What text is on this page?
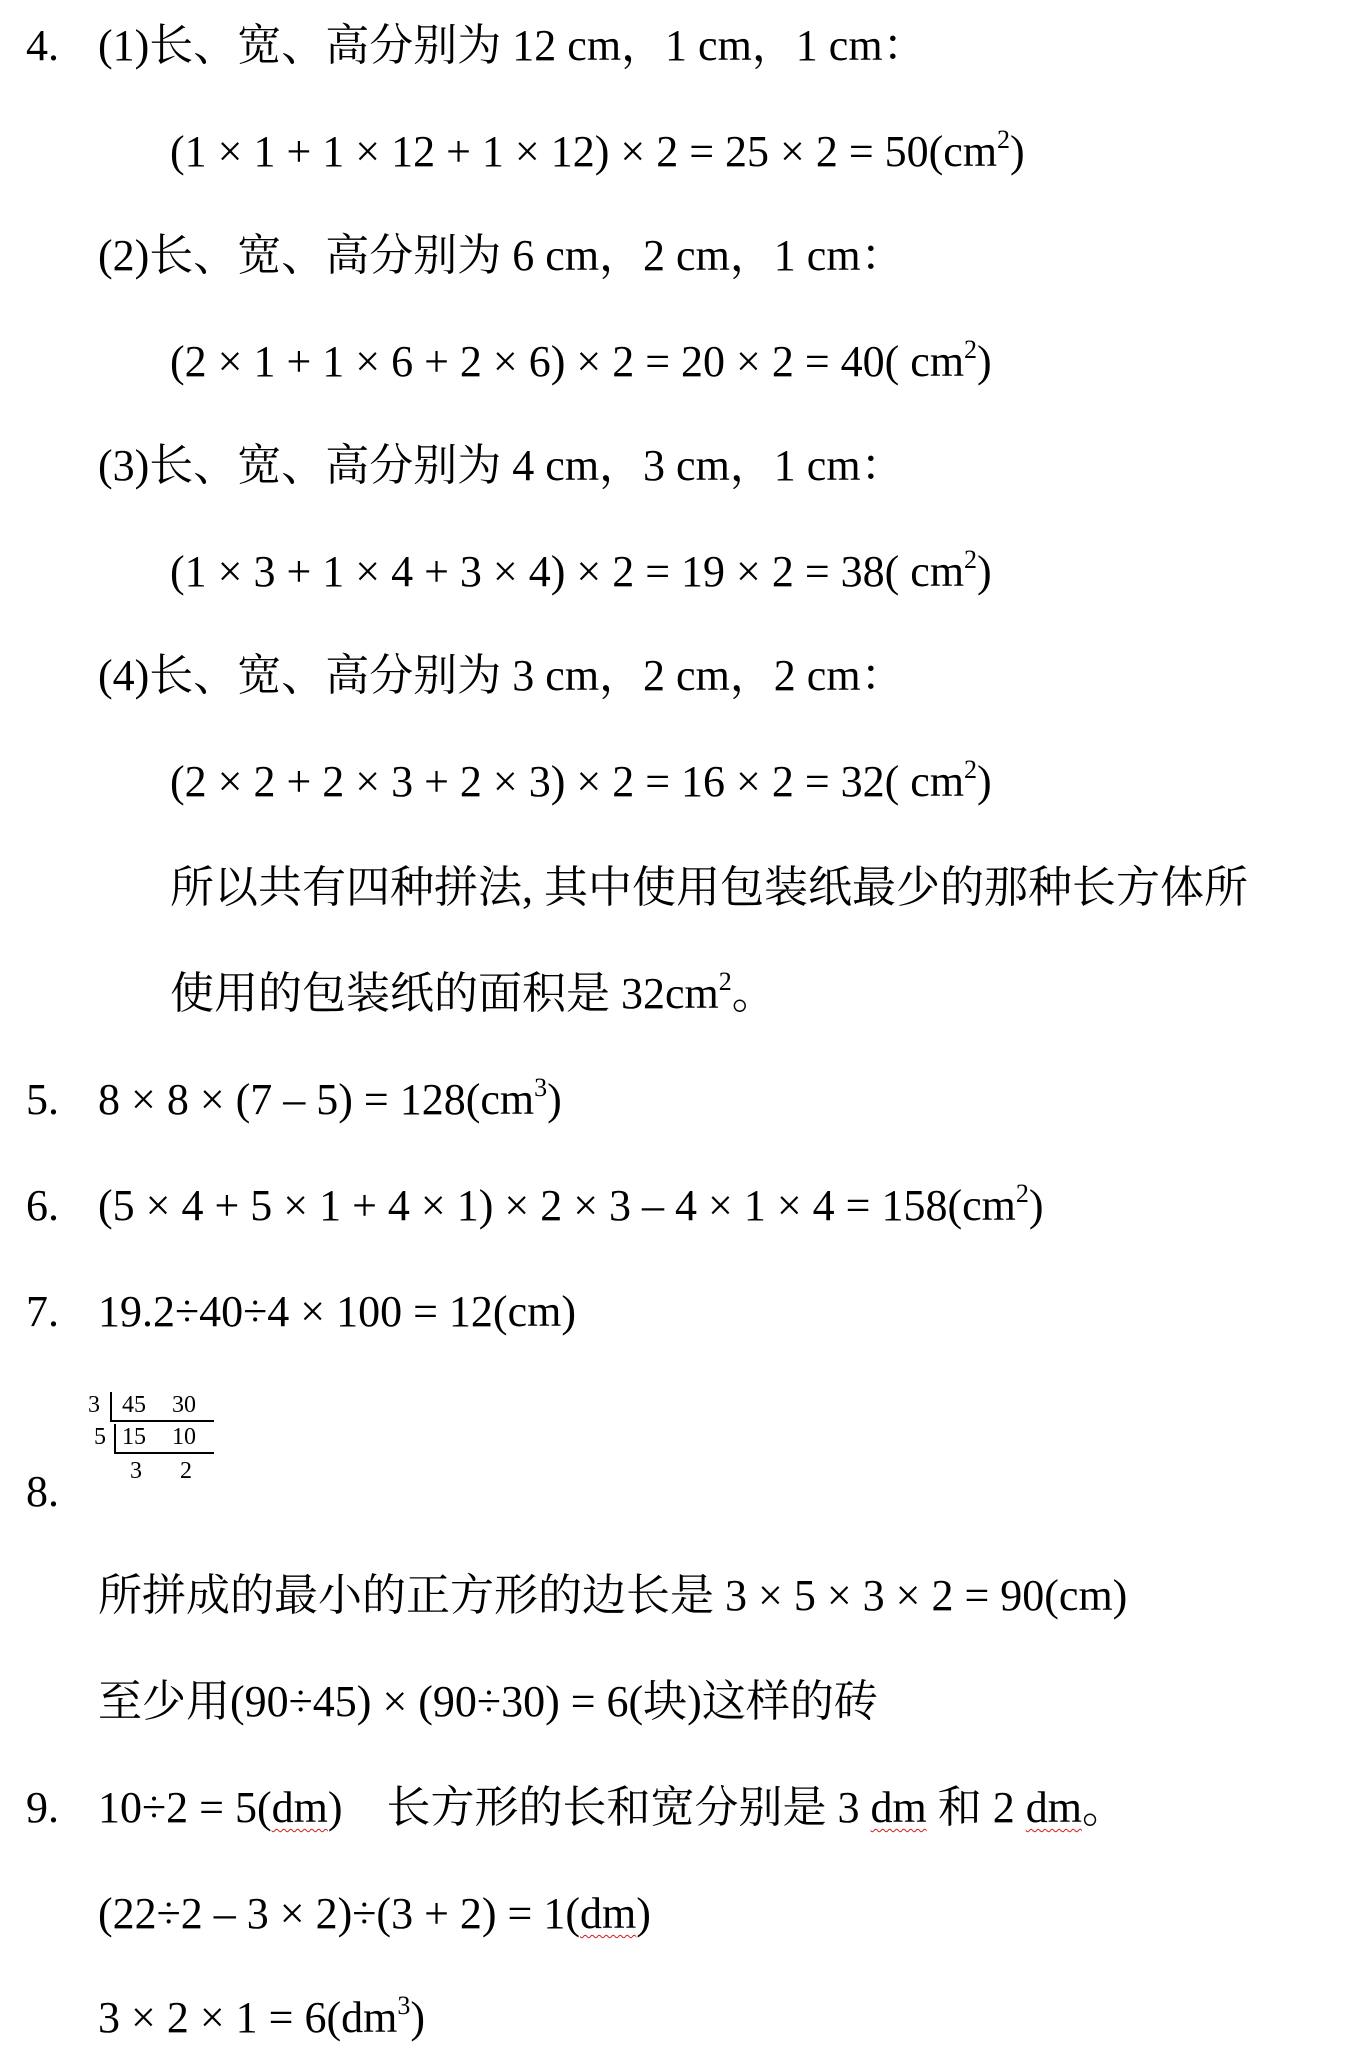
4. (1)长、宽、高分别为 12 cm，1 cm，1 cm：
$(1 \times 1 + 1 \times 12 + 1 \times 12) \times 2 = 25 \times 2 = 50(cm^2)$
(2)长、宽、高分别为 6 cm，2 cm，1 cm：
(2 × 1 + 1 × 6 + 2 × 6) × 2 = 20 × 2 = 40( $cm^2$)
(3)长、宽、高分别为 4 cm，3 cm，1 cm：
(1 × 3 + 1 × 4 + 3 × 4) × 2 = 19 × 2 = 38( $cm^2$)
(4)长、宽、高分别为 3 cm，2 cm，2 cm：
(2 × 2 + 2 × 3 + 2 × 3) × 2 = 16 × 2 = 32( $cm^2$)
所以共有四种拼法, 其中使用包装纸最少的那种长方体所
使用的包装纸的面积是 $32cm^2$。
5. $8 \times 8 \times (7 - 5) = 128(cm^3)$
6. $(5 \times 4 + 5 \times 1 + 4 \times 1) \times 2 \times 3 - 4 \times 1 \times 4 = 158(cm^2)$
7. 19.2÷40÷4 × 100 = 12(cm)
3 45 30
5 15 10
3 2
8.
所拼成的最小的正方形的边长是 3 × 5 × 3 × 2 = 90(cm)
至少用(90÷45) × (90÷30) = 6(块)这样的砖
9. 10÷2 = 5(dm)    长方形的长和宽分别是 3 dm 和 2 dm。
(22÷2 – 3 × 2)÷(3 + 2) = 1(dm)
$3 \times 2 \times 1 = 6(dm^3)$
